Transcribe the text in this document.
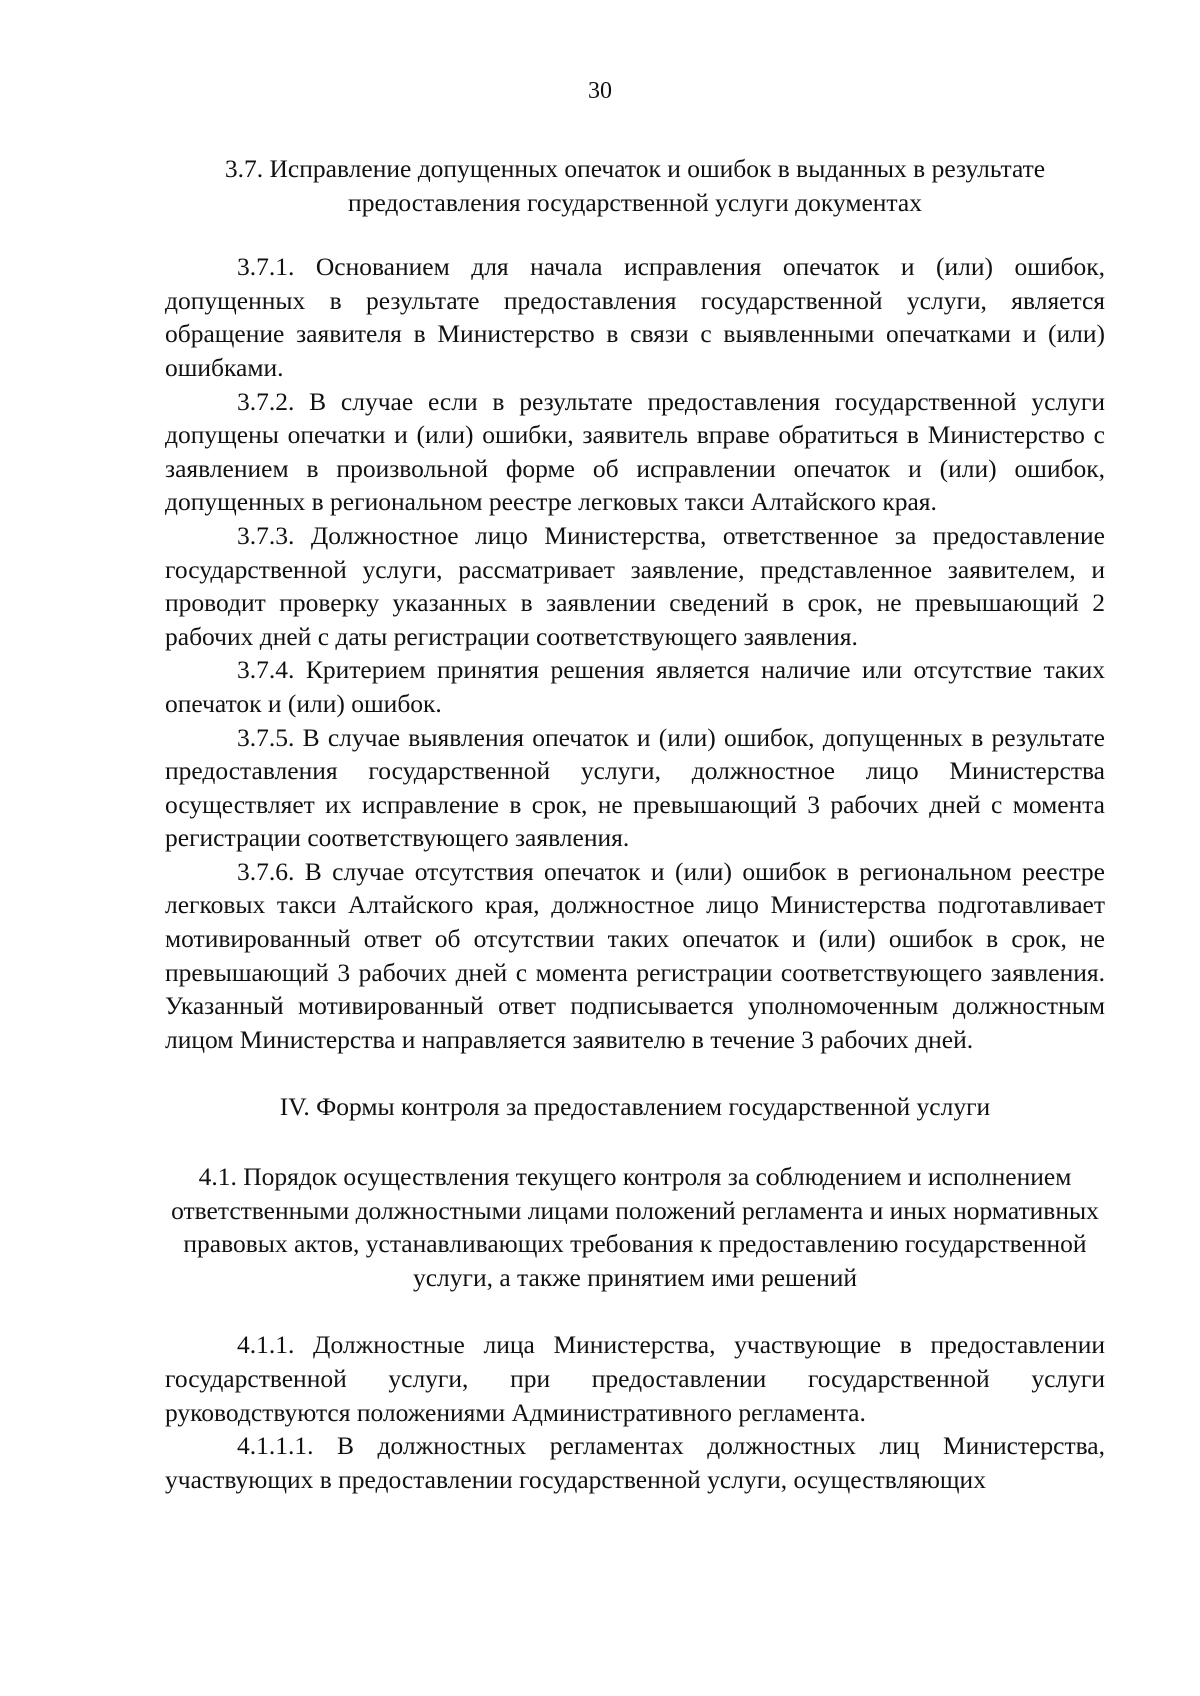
30

3.7. Исправление допущенных опечаток и ошибок в выданных в результате предоставления государственной услуги документах

3.7.1. Основанием для начала исправления опечаток и (или) ошибок, допущенных в результате предоставления государственной услуги, является обращение заявителя в Министерство в связи с выявленными опечатками и (или) ошибками.

3.7.2. В случае если в результате предоставления государственной услуги допущены опечатки и (или) ошибки, заявитель вправе обратиться в Министерство с заявлением в произвольной форме об исправлении опечаток и (или) ошибок, допущенных в региональном реестре легковых такси Алтайского края.

3.7.3. Должностное лицо Министерства, ответственное за предоставление государственной услуги, рассматривает заявление, представленное заявителем, и проводит проверку указанных в заявлении сведений в срок, не превышающий 2 рабочих дней с даты регистрации соответствующего заявления.

3.7.4. Критерием принятия решения является наличие или отсутствие таких опечаток и (или) ошибок.

3.7.5. В случае выявления опечаток и (или) ошибок, допущенных в результате предоставления государственной услуги, должностное лицо Министерства осуществляет их исправление в срок, не превышающий 3 рабочих дней с момента регистрации соответствующего заявления.

3.7.6. В случае отсутствия опечаток и (или) ошибок в региональном реестре легковых такси Алтайского края, должностное лицо Министерства подготавливает мотивированный ответ об отсутствии таких опечаток и (или) ошибок в срок, не превышающий 3 рабочих дней с момента регистрации соответствующего заявления. Указанный мотивированный ответ подписывается уполномоченным должностным лицом Министерства и направляется заявителю в течение 3 рабочих дней.

IV. Формы контроля за предоставлением государственной услуги

4.1. Порядок осуществления текущего контроля за соблюдением и исполнением ответственными должностными лицами положений регламента и иных нормативных правовых актов, устанавливающих требования к предоставлению государственной услуги, а также принятием ими решений

4.1.1. Должностные лица Министерства, участвующие в предоставлении государственной услуги, при предоставлении государственной услуги руководствуются положениями Административного регламента.

4.1.1.1. В должностных регламентах должностных лиц Министерства, участвующих в предоставлении государственной услуги, осуществляющих
